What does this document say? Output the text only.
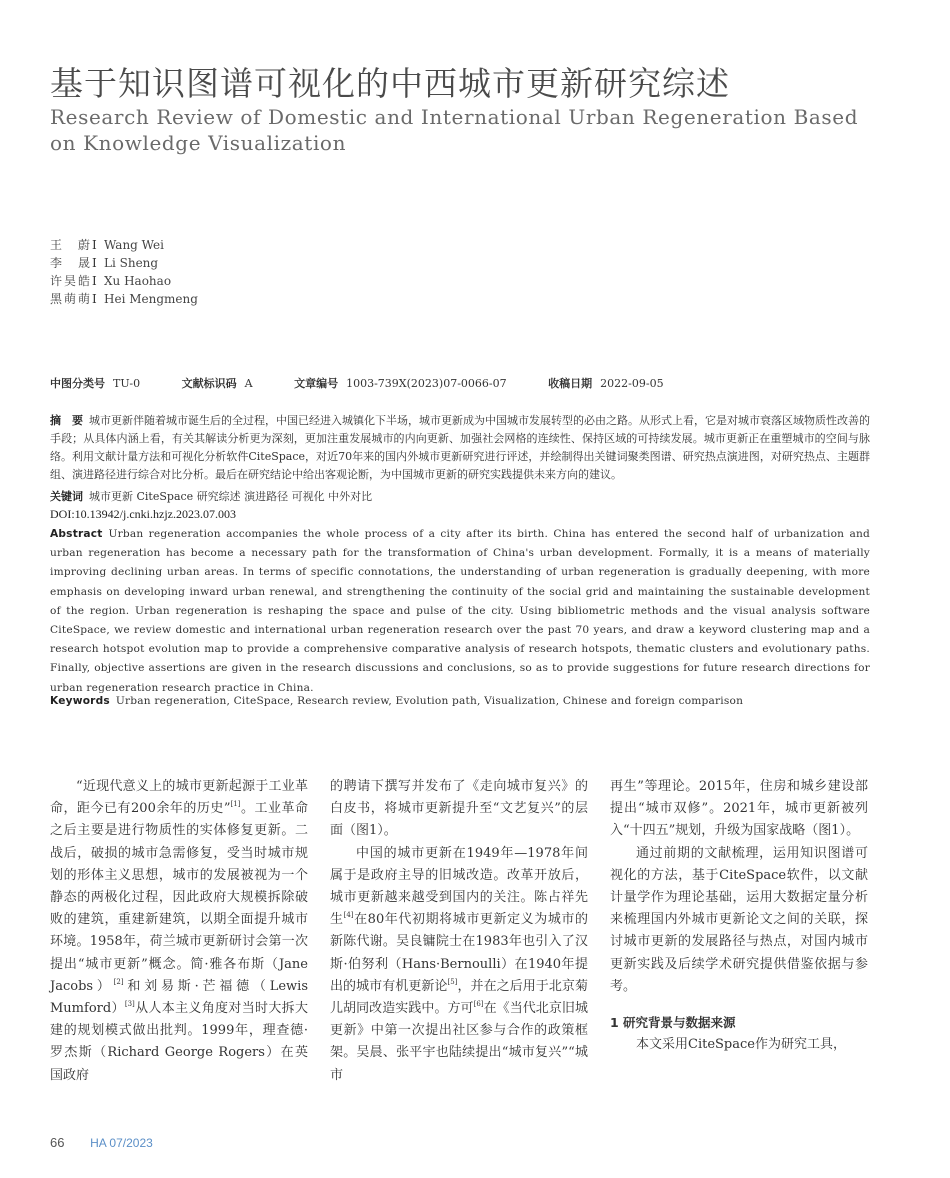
基于知识图谱可视化的中西城市更新研究综述
Research Review of Domestic and International Urban Regeneration Based on Knowledge Visualization
王　蔚 I Wang Wei
李　晟 I Li Sheng
许昊皓 I Xu Haohao
黑萌萌 I Hei Mengmeng
中图分类号 TU-0	文献标识码 A	文章编号 1003-739X(2023)07-0066-07	收稿日期 2022-09-05
摘　要 城市更新伴随着城市诞生后的全过程，中国已经进入城镇化下半场，城市更新成为中国城市发展转型的必由之路。从形式上看，它是对城市衰落区域物质性改善的手段；从具体内涵上看，有关其解读分析更为深刻，更加注重发展城市的内向更新、加强社会网格的连续性、保持区域的可持续发展。城市更新正在重塑城市的空间与脉络。利用文献计量方法和可视化分析软件CiteSpace，对近70年来的国内外城市更新研究进行评述，并绘制得出关键词聚类图谱、研究热点演进图，对研究热点、主题群组、演进路径进行综合对比分析。最后在研究结论中给出客观论断，为中国城市更新的研究实践提供未来方向的建议。
关键词 城市更新 CiteSpace 研究综述 演进路径 可视化 中外对比
DOI:10.13942/j.cnki.hzjz.2023.07.003
Abstract Urban regeneration accompanies the whole process of a city after its birth. China has entered the second half of urbanization and urban regeneration has become a necessary path for the transformation of China's urban development. Formally, it is a means of materially improving declining urban areas. In terms of specific connotations, the understanding of urban regeneration is gradually deepening, with more emphasis on developing inward urban renewal, and strengthening the continuity of the social grid and maintaining the sustainable development of the region. Urban regeneration is reshaping the space and pulse of the city. Using bibliometric methods and the visual analysis software CiteSpace, we review domestic and international urban regeneration research over the past 70 years, and draw a keyword clustering map and a research hotspot evolution map to provide a comprehensive comparative analysis of research hotspots, thematic clusters and evolutionary paths. Finally, objective assertions are given in the research discussions and conclusions, so as to provide suggestions for future research directions for urban regeneration research practice in China.
Keywords Urban regeneration, CiteSpace, Research review, Evolution path, Visualization, Chinese and foreign comparison

“近现代意义上的城市更新起源于工业革命，距今已有200余年的历史”[1]。工业革命之后主要是进行物质性的实体修复更新。二战后，破损的城市急需修复，受当时城市规划的形体主义思想，城市的发展被视为一个静态的两极化过程，因此政府大规模拆除破败的建筑，重建新建筑，以期全面提升城市环境。1958年，荷兰城市更新研讨会第一次提出“城市更新”概念。简·雅各布斯（Jane Jacobs）[2]和刘易斯·芒福德（Lewis Mumford）[3]从人本主义角度对当时大拆大建的规划模式做出批判。1999年，理查德·罗杰斯（Richard George Rogers）在英国政府

的聘请下撰写并发布了《走向城市复兴》的白皮书，将城市更新提升至“文艺复兴”的层面（图1）。

中国的城市更新在1949年—1978年间属于是政府主导的旧城改造。改革开放后，城市更新越来越受到国内的关注。陈占祥先生[4]在80年代初期将城市更新定义为城市的新陈代谢。吴良镛院士在1983年也引入了汉斯·伯努利（Hans·Bernoulli）在1940年提出的城市有机更新论[5]，并在之后用于北京菊儿胡同改造实践中。方可[6]在《当代北京旧城更新》中第一次提出社区参与合作的政策框架。吴晨、张平宇也陆续提出“城市复兴”“城市

再生”等理论。2015年，住房和城乡建设部提出“城市双修”。2021年，城市更新被列入“十四五”规划，升级为国家战略（图1）。

通过前期的文献梳理，运用知识图谱可视化的方法，基于CiteSpace软件，以文献计量学作为理论基础，运用大数据定量分析来梳理国内外城市更新论文之间的关联，探讨城市更新的发展路径与热点，对国内城市更新实践及后续学术研究提供借鉴依据与参考。

1 研究背景与数据来源

本文采用CiteSpace作为研究工具，

66 HA 07/2023
